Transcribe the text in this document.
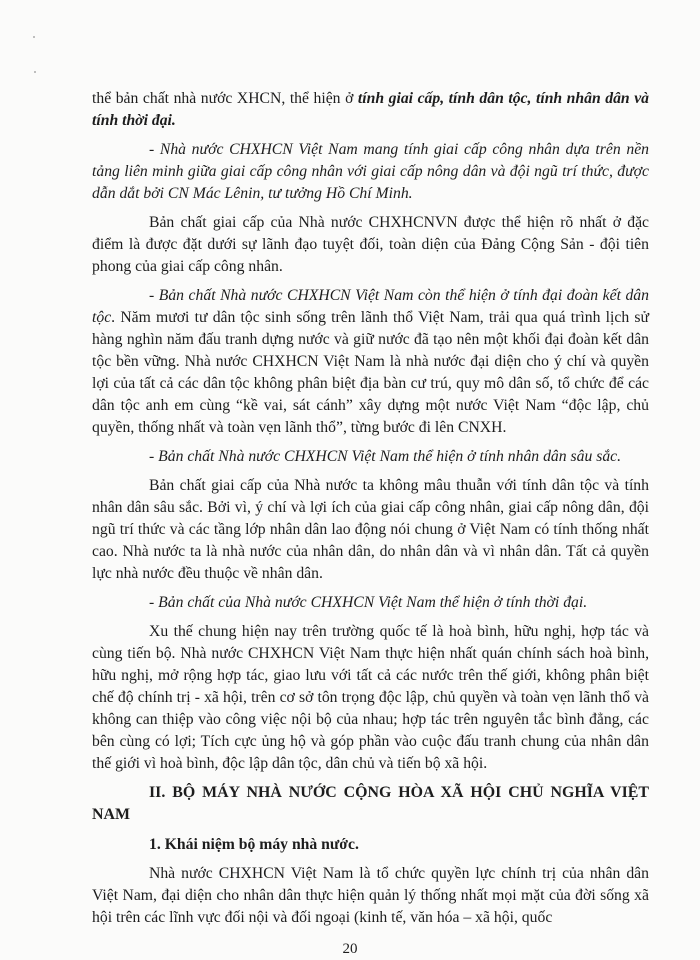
thể bản chất nhà nước XHCN, thể hiện ở tính giai cấp, tính dân tộc, tính nhân dân và tính thời đại.

- Nhà nước CHXHCN Việt Nam mang tính giai cấp công nhân dựa trên nền tảng liên minh giữa giai cấp công nhân với giai cấp nông dân và đội ngũ trí thức, được dẫn dắt bởi CN Mác Lênin, tư tưởng Hồ Chí Minh.

Bản chất giai cấp của Nhà nước CHXHCNVN được thể hiện rõ nhất ở đặc điểm là được đặt dưới sự lãnh đạo tuyệt đối, toàn diện của Đảng Cộng Sản - đội tiên phong của giai cấp công nhân.

- Bản chất Nhà nước CHXHCN Việt Nam còn thể hiện ở tính đại đoàn kết dân tộc. Năm mươi tư dân tộc sinh sống trên lãnh thổ Việt Nam, trải qua quá trình lịch sử hàng nghìn năm đấu tranh dựng nước và giữ nước đã tạo nên một khối đại đoàn kết dân tộc bền vững. Nhà nước CHXHCN Việt Nam là nhà nước đại diện cho ý chí và quyền lợi của tất cả các dân tộc không phân biệt địa bàn cư trú, quy mô dân số, tổ chức để các dân tộc anh em cùng “kề vai, sát cánh” xây dựng một nước Việt Nam “độc lập, chủ quyền, thống nhất và toàn vẹn lãnh thổ”, từng bước đi lên CNXH.

- Bản chất Nhà nước CHXHCN Việt Nam thể hiện ở tính nhân dân sâu sắc.

Bản chất giai cấp của Nhà nước ta không mâu thuẫn với tính dân tộc và tính nhân dân sâu sắc. Bởi vì, ý chí và lợi ích của giai cấp công nhân, giai cấp nông dân, đội ngũ trí thức và các tầng lớp nhân dân lao động nói chung ở Việt Nam có tính thống nhất cao. Nhà nước ta là nhà nước của nhân dân, do nhân dân và vì nhân dân. Tất cả quyền lực nhà nước đều thuộc về nhân dân.

- Bản chất của Nhà nước CHXHCN Việt Nam thể hiện ở tính thời đại.

Xu thế chung hiện nay trên trường quốc tế là hoà bình, hữu nghị, hợp tác và cùng tiến bộ. Nhà nước CHXHCN Việt Nam thực hiện nhất quán chính sách hoà bình, hữu nghị, mở rộng hợp tác, giao lưu với tất cả các nước trên thế giới, không phân biệt chế độ chính trị - xã hội, trên cơ sở tôn trọng độc lập, chủ quyền và toàn vẹn lãnh thổ và không can thiệp vào công việc nội bộ của nhau; hợp tác trên nguyên tắc bình đẳng, các bên cùng có lợi; Tích cực ủng hộ và góp phần vào cuộc đấu tranh chung của nhân dân thế giới vì hoà bình, độc lập dân tộc, dân chủ và tiến bộ xã hội.

II. BỘ MÁY NHÀ NƯỚC CỘNG HÒA XÃ HỘI CHỦ NGHĨA VIỆT NAM
1. Khái niệm bộ máy nhà nước.

Nhà nước CHXHCN Việt Nam là tổ chức quyền lực chính trị của nhân dân Việt Nam, đại diện cho nhân dân thực hiện quản lý thống nhất mọi mặt của đời sống xã hội trên các lĩnh vực đối nội và đối ngoại (kinh tế, văn hóa – xã hội, quốc

20
